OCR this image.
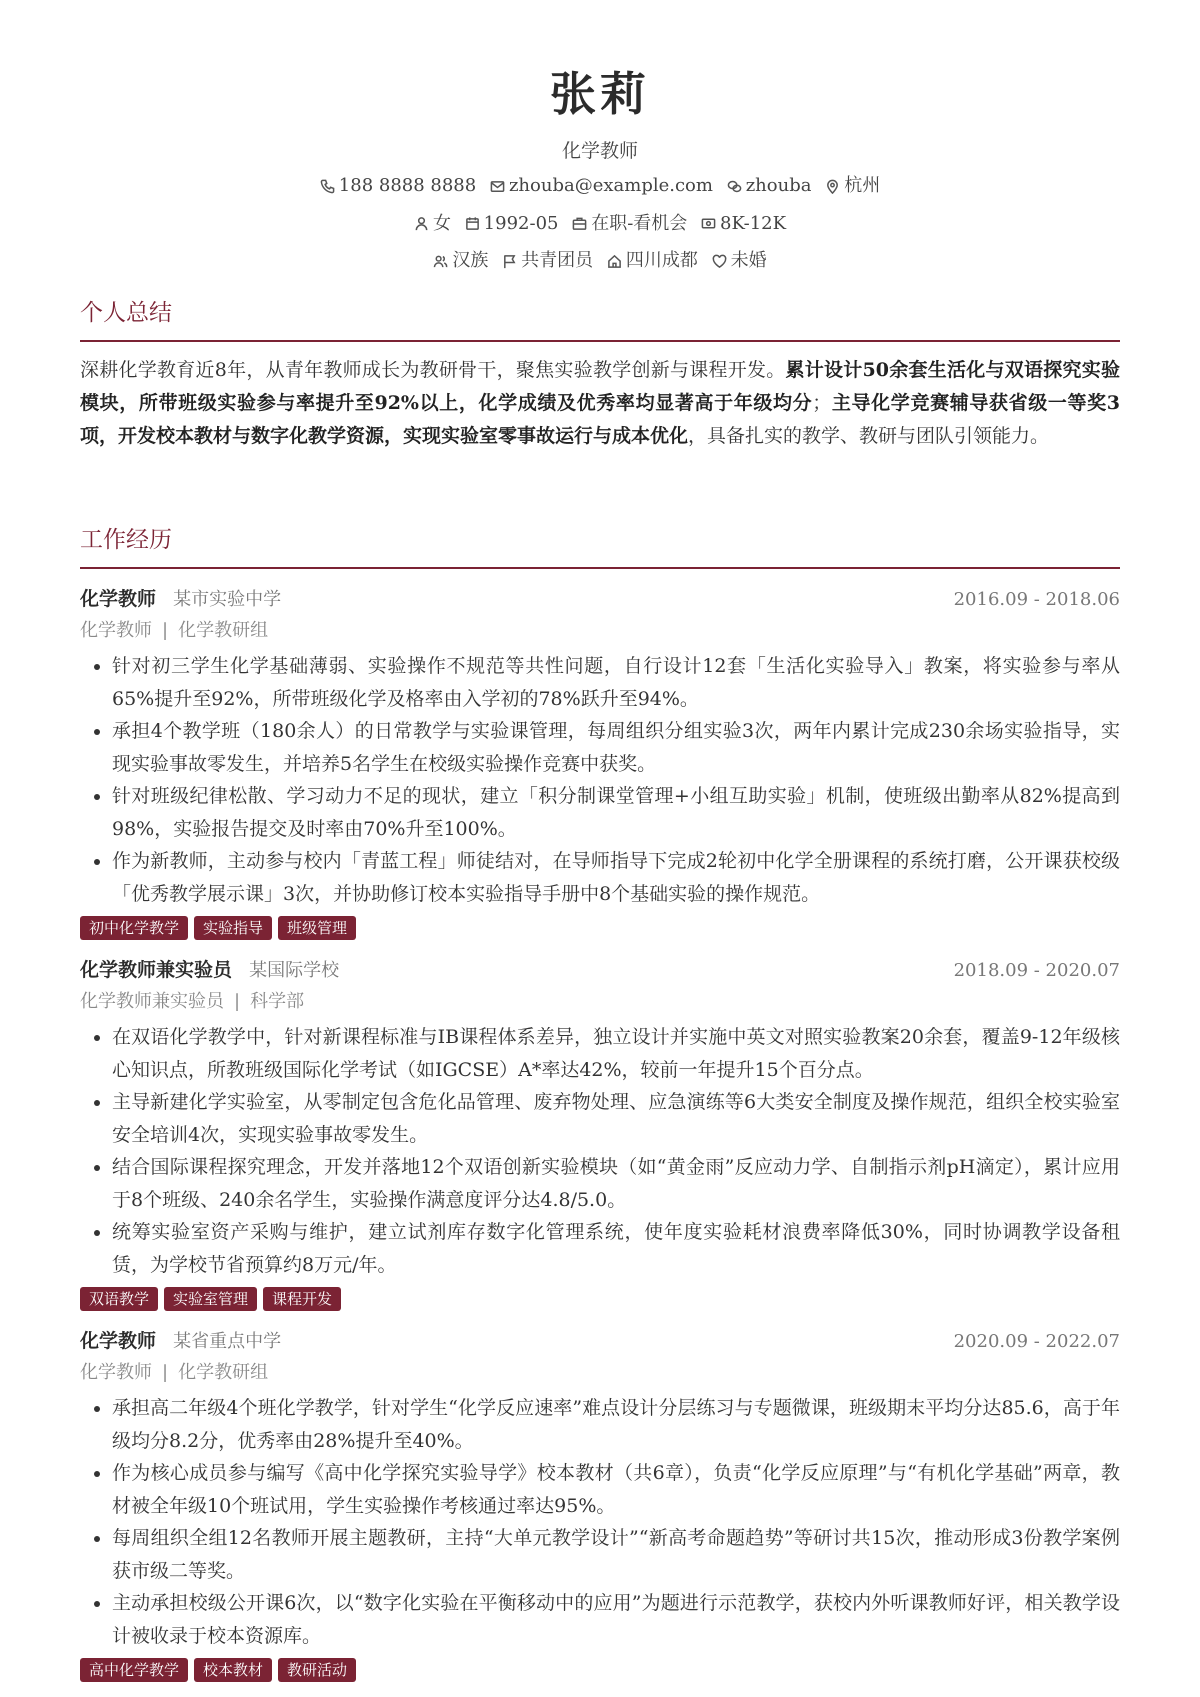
张莉
化学教师
188 8888 8888
zhouba@example.com
zhouba
杭州
女
1992-05
在职-看机会
8K-12K
汉族
共青团员
四川成都
未婚
个人总结
深耕化学教育近8年，从青年教师成长为教研骨干，聚焦实验教学创新与课程开发。累计设计50余套生活化与双语探究实验模块，所带班级实验参与率提升至92%以上，化学成绩及优秀率均显著高于年级均分；主导化学竞赛辅导获省级一等奖3项，开发校本教材与数字化教学资源，实现实验室零事故运行与成本优化，具备扎实的教学、教研与团队引领能力。
工作经历
化学教师 某市实验中学	2016.09 - 2018.06
化学教师 | 化学教研组
• 针对初三学生化学基础薄弱、实验操作不规范等共性问题，自行设计12套「生活化实验导入」教案，将实验参与率从65%提升至92%，所带班级化学及格率由入学初的78%跃升至94%。
• 承担4个教学班（180余人）的日常教学与实验课管理，每周组织分组实验3次，两年内累计完成230余场实验指导，实现实验事故零发生，并培养5名学生在校级实验操作竞赛中获奖。
• 针对班级纪律松散、学习动力不足的现状，建立「积分制课堂管理+小组互助实验」机制，使班级出勤率从82%提高到98%，实验报告提交及时率由70%升至100%。
• 作为新教师，主动参与校内「青蓝工程」师徒结对，在导师指导下完成2轮初中化学全册课程的系统打磨，公开课获校级「优秀教学展示课」3次，并协助修订校本实验指导手册中8个基础实验的操作规范。
初中化学教学	实验指导	班级管理
化学教师兼实验员 某国际学校	2018.09 - 2020.07
化学教师兼实验员 | 科学部
• 在双语化学教学中，针对新课程标准与IB课程体系差异，独立设计并实施中英文对照实验教案20余套，覆盖9-12年级核心知识点，所教班级国际化学考试（如IGCSE）A*率达42%，较前一年提升15个百分点。
• 主导新建化学实验室，从零制定包含危化品管理、废弃物处理、应急演练等6大类安全制度及操作规范，组织全校实验室安全培训4次，实现实验事故零发生。
• 结合国际课程探究理念，开发并落地12个双语创新实验模块（如“黄金雨”反应动力学、自制指示剂pH滴定），累计应用于8个班级、240余名学生，实验操作满意度评分达4.8/5.0。
• 统筹实验室资产采购与维护，建立试剂库存数字化管理系统，使年度实验耗材浪费率降低30%，同时协调教学设备租赁，为学校节省预算约8万元/年。
双语教学	实验室管理	课程开发
化学教师 某省重点中学	2020.09 - 2022.07
化学教师 | 化学教研组
• 承担高二年级4个班化学教学，针对学生“化学反应速率”难点设计分层练习与专题微课，班级期末平均分达85.6，高于年级均分8.2分，优秀率由28%提升至40%。
• 作为核心成员参与编写《高中化学探究实验导学》校本教材（共6章），负责“化学反应原理”与“有机化学基础”两章，教材被全年级10个班试用，学生实验操作考核通过率达95%。
• 每周组织全组12名教师开展主题教研，主持“大单元教学设计”“新高考命题趋势”等研讨共15次，推动形成3份教学案例获市级二等奖。
• 主动承担校级公开课6次，以“数字化实验在平衡移动中的应用”为题进行示范教学，获校内外听课教师好评，相关教学设计被收录于校本资源库。
高中化学教学	校本教材	教研活动
